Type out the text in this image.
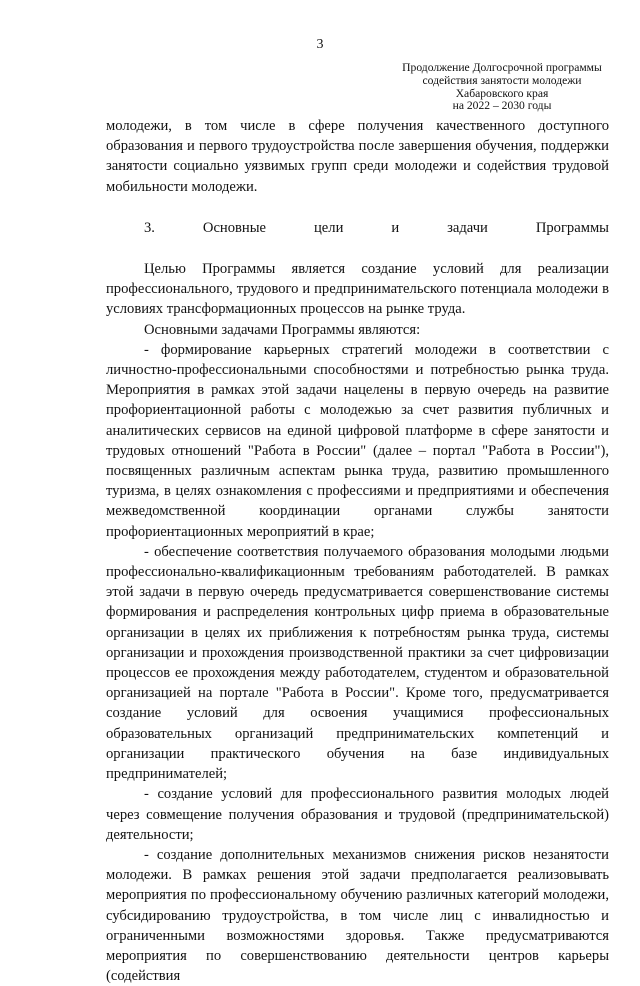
3
Продолжение Долгосрочной программы
содействия занятости молодежи
Хабаровского края
на 2022 – 2030 годы

молодежи, в том числе в сфере получения качественного доступного образования и первого трудоустройства после завершения обучения, поддержки занятости социально уязвимых групп среди молодежи и содействия трудовой мобильности молодежи.

3. Основные цели и задачи Программы

Целью Программы является создание условий для реализации профессионального, трудового и предпринимательского потенциала молодежи в условиях трансформационных процессов на рынке труда.

Основными задачами Программы являются:

- формирование карьерных стратегий молодежи в соответствии с личностно-профессиональными способностями и потребностью рынка труда. Мероприятия в рамках этой задачи нацелены в первую очередь на развитие профориентационной работы с молодежью за счет развития публичных и аналитических сервисов на единой цифровой платформе в сфере занятости и трудовых отношений "Работа в России" (далее – портал "Работа в России"), посвященных различным аспектам рынка труда, развитию промышленного туризма, в целях ознакомления с профессиями и предприятиями и обеспечения межведомственной координации органами службы занятости профориентационных мероприятий в крае;

- обеспечение соответствия получаемого образования молодыми людьми профессионально-квалификационным требованиям работодателей. В рамках этой задачи в первую очередь предусматривается совершенствование системы формирования и распределения контрольных цифр приема в образовательные организации в целях их приближения к потребностям рынка труда, системы организации и прохождения производственной практики за счет цифровизации процессов ее прохождения между работодателем, студентом и образовательной организацией на портале "Работа в России". Кроме того, предусматривается создание условий для освоения учащимися профессиональных образовательных организаций предпринимательских компетенций и организации практического обучения на базе индивидуальных предпринимателей;

- создание условий для профессионального развития молодых людей через совмещение получения образования и трудовой (предпринимательской) деятельности;

- создание дополнительных механизмов снижения рисков незанятости молодежи. В рамках решения этой задачи предполагается реализовывать мероприятия по профессиональному обучению различных категорий молодежи, субсидированию трудоустройства, в том числе лиц с инвалидностью и ограниченными возможностями здоровья. Также предусматриваются мероприятия по совершенствованию деятельности центров карьеры (содействия
